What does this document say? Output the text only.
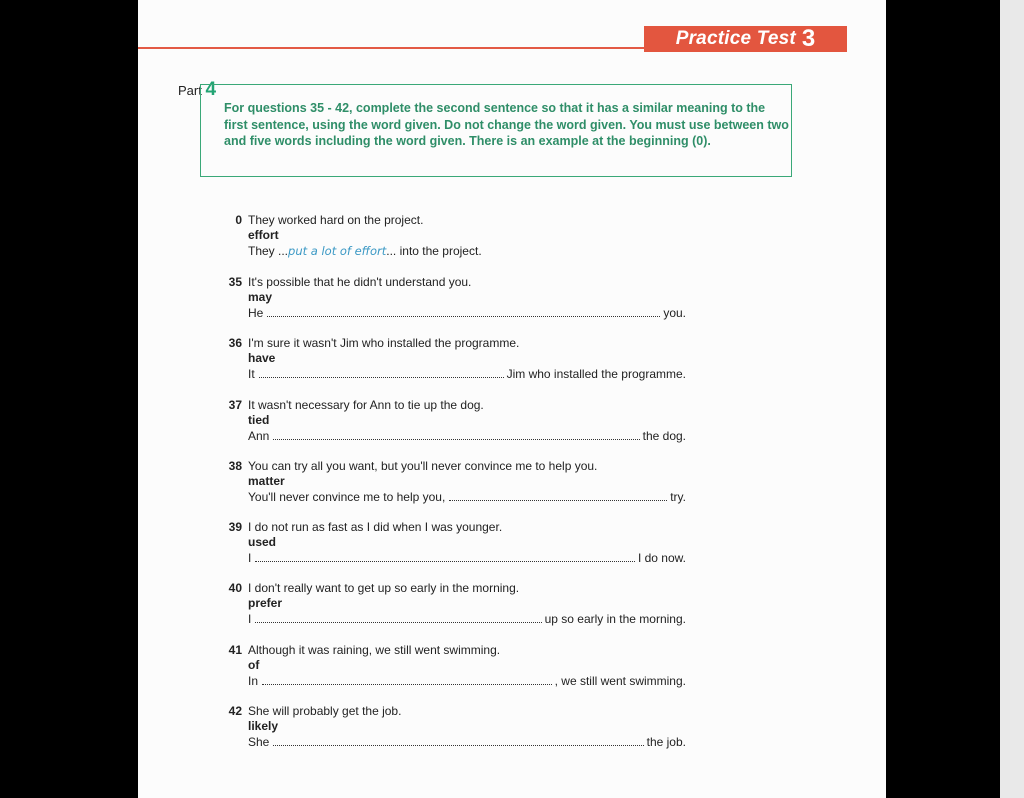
Practice Test 3
Part 4
For questions 35 - 42, complete the second sentence so that it has a similar meaning to the first sentence, using the word given. Do not change the word given. You must use between two and five words including the word given. There is an example at the beginning (0).
0 They worked hard on the project.
effort
They ... put a lot of effort ... into the project.
35 It's possible that he didn't understand you.
may
He	you.
36 I'm sure it wasn't Jim who installed the programme.
have
It	Jim who installed the programme.
37 It wasn't necessary for Ann to tie up the dog.
tied
Ann	the dog.
38 You can try all you want, but you'll never convince me to help you.
matter
You'll never convince me to help you,	try.
39 I do not run as fast as I did when I was younger.
used
I	I do now.
40 I don't really want to get up so early in the morning.
prefer
I	up so early in the morning.
41 Although it was raining, we still went swimming.
of
In	, we still went swimming.
42 She will probably get the job.
likely
She	the job.
